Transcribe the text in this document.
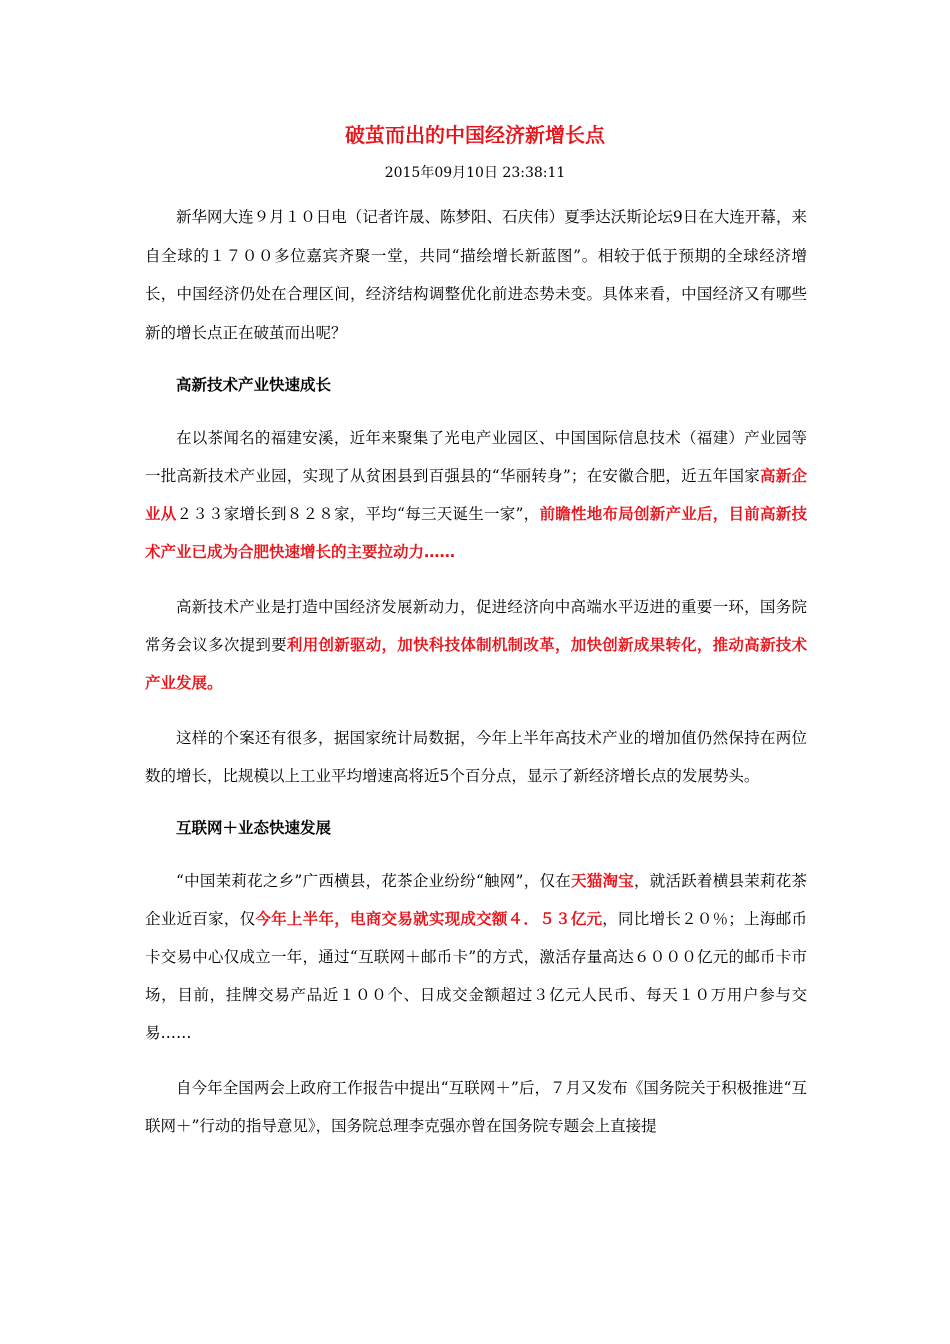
破茧而出的中国经济新增长点
2015年09月10日 23:38:11

新华网大连９月１０日电（记者许晟、陈梦阳、石庆伟）夏季达沃斯论坛9日在大连开幕，来自全球的１７００多位嘉宾齐聚一堂，共同“描绘增长新蓝图”。相较于低于预期的全球经济增长，中国经济仍处在合理区间，经济结构调整优化前进态势未变。具体来看，中国经济又有哪些新的增长点正在破茧而出呢？

高新技术产业快速成长

在以茶闻名的福建安溪，近年来聚集了光电产业园区、中国国际信息技术（福建）产业园等一批高新技术产业园，实现了从贫困县到百强县的“华丽转身”；在安徽合肥，近五年国家高新企业从２３３家增长到８２８家，平均“每三天诞生一家”，前瞻性地布局创新产业后，目前高新技术产业已成为合肥快速增长的主要拉动力……

高新技术产业是打造中国经济发展新动力，促进经济向中高端水平迈进的重要一环，国务院常务会议多次提到要利用创新驱动，加快科技体制机制改革，加快创新成果转化，推动高新技术产业发展。

这样的个案还有很多，据国家统计局数据，今年上半年高技术产业的增加值仍然保持在两位数的增长，比规模以上工业平均增速高将近5个百分点，显示了新经济增长点的发展势头。

互联网＋业态快速发展

“中国茉莉花之乡”广西横县，花茶企业纷纷“触网”，仅在天猫淘宝，就活跃着横县茉莉花茶企业近百家，仅今年上半年，电商交易就实现成交额４．５３亿元，同比增长２０％；上海邮币卡交易中心仅成立一年，通过“互联网＋邮币卡”的方式，激活存量高达６０００亿元的邮币卡市场，目前，挂牌交易产品近１００个、日成交金额超过３亿元人民币、每天１０万用户参与交易……

自今年全国两会上政府工作报告中提出“互联网＋”后，７月又发布《国务院关于积极推进“互联网＋”行动的指导意见》，国务院总理李克强亦曾在国务院专题会上直接提
